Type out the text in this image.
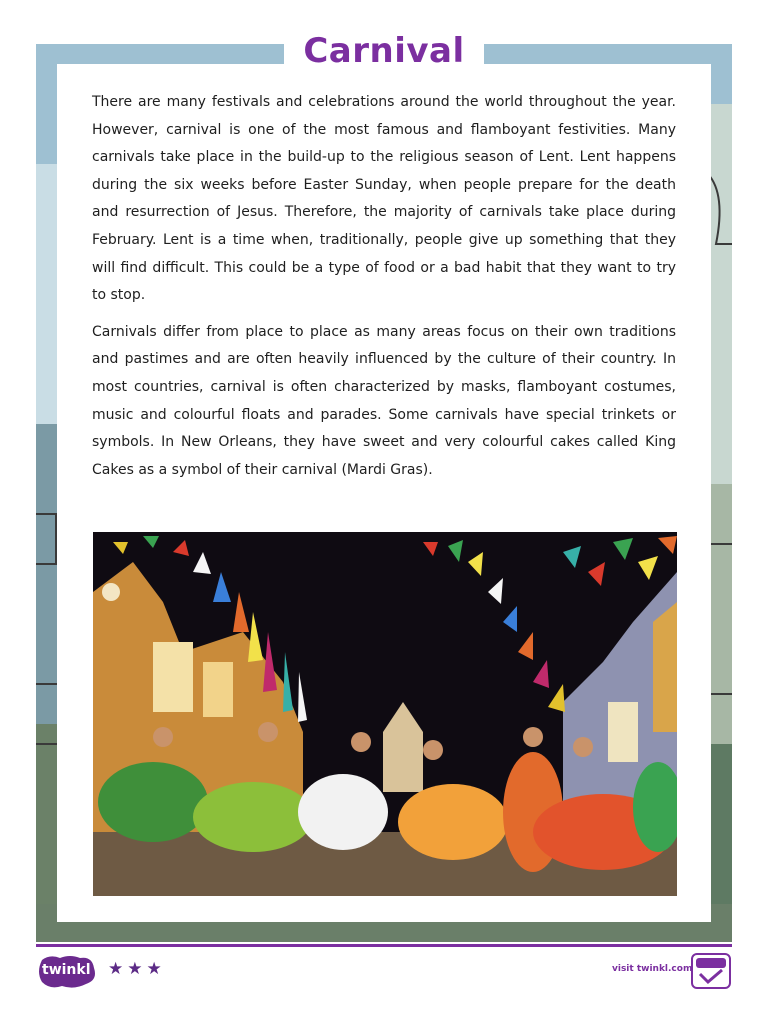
Carnival

There are many festivals and celebrations around the world throughout the year. However, carnival is one of the most famous and flamboyant festivities. Many carnivals take place in the build-up to the religious season of Lent. Lent happens during the six weeks before Easter Sunday, when people prepare for the death and resurrection of Jesus. Therefore, the majority of carnivals take place during February. Lent is a time when, traditionally, people give up something that they will find difficult. This could be a type of food or a bad habit that they want to try to stop.

Carnivals differ from place to place as many areas focus on their own traditions and pastimes and are often heavily influenced by the culture of their country. In most countries, carnival is often characterized by masks, flamboyant costumes, music and colourful floats and parades. Some carnivals have special trinkets or symbols. In New Orleans, they have sweet and very colourful cakes called King Cakes as a symbol of their carnival (Mardi Gras).

twinkl ★★★	visit twinkl.com
